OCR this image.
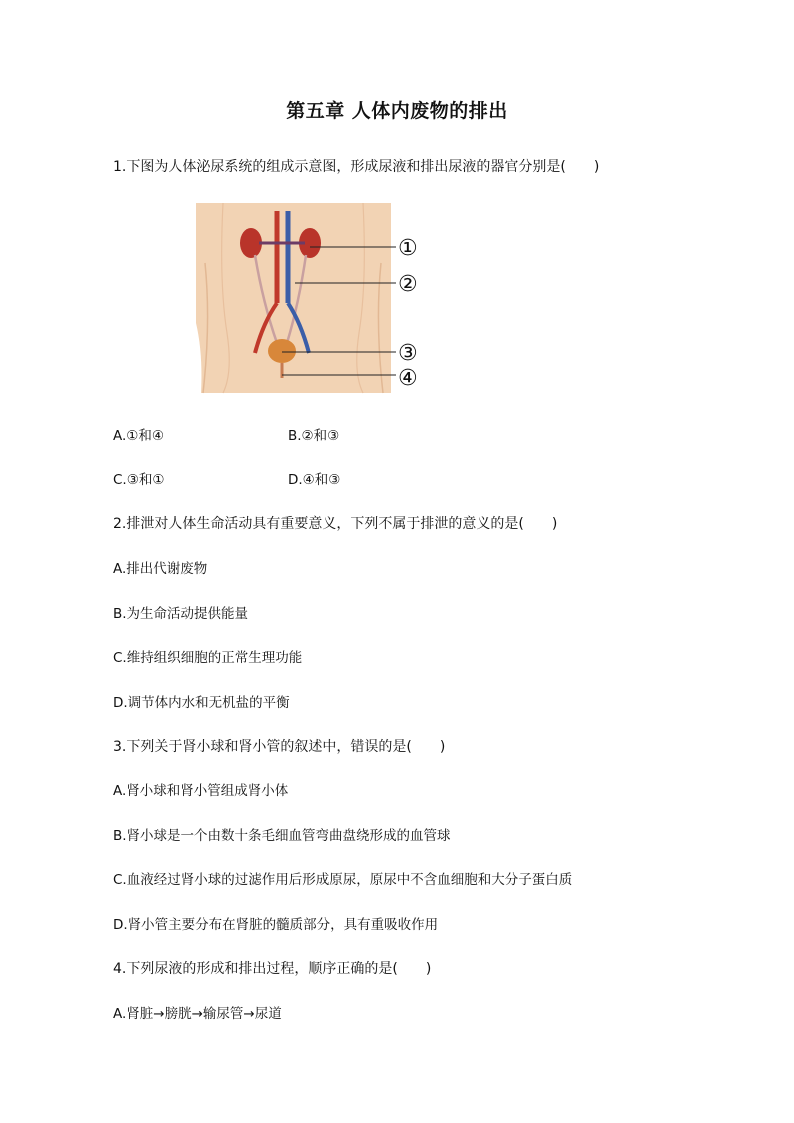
第五章 人体内废物的排出
1.下图为人体泌尿系统的组成示意图，形成尿液和排出尿液的器官分别是(　　)
①
②
③
④
A.①和④	B.②和③
C.③和①	D.④和③
2.排泄对人体生命活动具有重要意义，下列不属于排泄的意义的是(　　)
A.排出代谢废物
B.为生命活动提供能量
C.维持组织细胞的正常生理功能
D.调节体内水和无机盐的平衡
3.下列关于肾小球和肾小管的叙述中，错误的是(　　)
A.肾小球和肾小管组成肾小体
B.肾小球是一个由数十条毛细血管弯曲盘绕形成的血管球
C.血液经过肾小球的过滤作用后形成原尿，原尿中不含血细胞和大分子蛋白质
D.肾小管主要分布在肾脏的髓质部分，具有重吸收作用
4.下列尿液的形成和排出过程，顺序正确的是(　　)
A.肾脏→膀胱→输尿管→尿道
